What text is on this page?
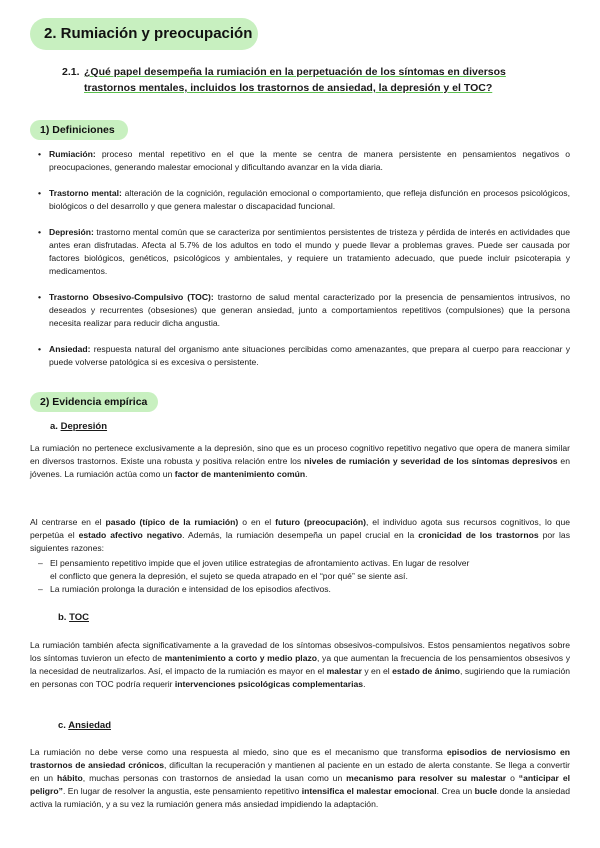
2. Rumiación y preocupación
2.1. ¿Qué papel desempeña la rumiación en la perpetuación de los síntomas en diversos
trastornos mentales, incluidos los trastornos de ansiedad, la depresión y el TOC?
1) Definiciones
• Rumiación: proceso mental repetitivo en el que la mente se centra de manera persistente en pensamientos negativos o preocupaciones, generando malestar emocional y dificultando avanzar en la vida diaria.
• Trastorno mental: alteración de la cognición, regulación emocional o comportamiento, que refleja disfunción en procesos psicológicos, biológicos o del desarrollo y que genera malestar o discapacidad funcional.
• Depresión: trastorno mental común que se caracteriza por sentimientos persistentes de tristeza y pérdida de interés en actividades que antes eran disfrutadas. Afecta al 5.7% de los adultos en todo el mundo y puede llevar a problemas graves. Puede ser causada por factores biológicos, genéticos, psicológicos y ambientales, y requiere un tratamiento adecuado, que puede incluir psicoterapia y medicamentos.
• Trastorno Obsesivo-Compulsivo (TOC): trastorno de salud mental caracterizado por la presencia de pensamientos intrusivos, no deseados y recurrentes (obsesiones) que generan ansiedad, junto a comportamientos repetitivos (compulsiones) que la persona necesita realizar para reducir dicha angustia.
• Ansiedad: respuesta natural del organismo ante situaciones percibidas como amenazantes, que prepara al cuerpo para reaccionar y puede volverse patológica si es excesiva o persistente.
2) Evidencia empírica
a. Depresión

La rumiación no pertenece exclusivamente a la depresión, sino que es un proceso cognitivo repetitivo negativo que opera de manera similar en diversos trastornos. Existe una robusta y positiva relación entre los niveles de rumiación y severidad de los síntomas depresivos en jóvenes. La rumiación actúa como un factor de mantenimiento común.

Al centrarse en el pasado (típico de la rumiación) o en el futuro (preocupación), el individuo agota sus recursos cognitivos, lo que perpetúa el estado afectivo negativo. Además, la rumiación desempeña un papel crucial en la cronicidad de los trastornos por las siguientes razones:

– El pensamiento repetitivo impide que el joven utilice estrategias de afrontamiento activas. En lugar de resolver
el conflicto que genera la depresión, el sujeto se queda atrapado en el “por qué” se siente así.
– La rumiación prolonga la duración e intensidad de los episodios afectivos.
b. TOC

La rumiación también afecta significativamente a la gravedad de los síntomas obsesivos-compulsivos. Estos pensamientos negativos sobre los síntomas tuvieron un efecto de mantenimiento a corto y medio plazo, ya que aumentan la frecuencia de los pensamientos obsesivos y la necesidad de neutralizarlos. Así, el impacto de la rumiación es mayor en el malestar y en el estado de ánimo, sugiriendo que la rumiación en personas con TOC podría requerir intervenciones psicológicas complementarias.

c. Ansiedad

La rumiación no debe verse como una respuesta al miedo, sino que es el mecanismo que transforma episodios de nerviosismo en trastornos de ansiedad crónicos, dificultan la recuperación y mantienen al paciente en un estado de alerta constante. Se llega a convertir en un hábito, muchas personas con trastornos de ansiedad la usan como un mecanismo para resolver su malestar o “anticipar el peligro”. En lugar de resolver la angustia, este pensamiento repetitivo intensifica el malestar emocional. Crea un bucle donde la ansiedad activa la rumiación, y a su vez la rumiación genera más ansiedad impidiendo la adaptación.
